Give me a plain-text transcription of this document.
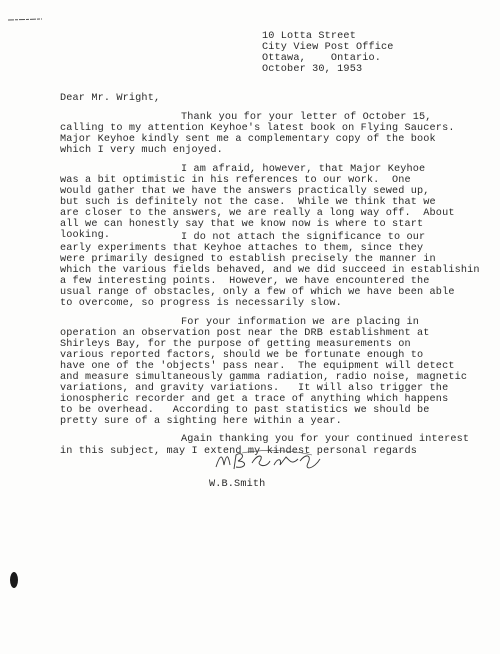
10 Lotta Street
City View Post Office
Ottawa,    Ontario.
October 30, 1953
Dear Mr. Wright,
Thank you for your letter of October 15,
calling to my attention Keyhoe's latest book on Flying Saucers.
Major Keyhoe kindly sent me a complementary copy of the book
which I very much enjoyed.
I am afraid, however, that Major Keyhoe
was a bit optimistic in his references to our work.  One
would gather that we have the answers practically sewed up,
but such is definitely not the case.  While we think that we
are closer to the answers, we are really a long way off.  About
all we can honestly say that we know now is where to start
looking.	I do not attach the significance to our
early experiments that Keyhoe attaches to them, since they
were primarily designed to establish precisely the manner in
which the various fields behaved, and we did succeed in establishin
a few interesting points.  However, we have encountered the
usual range of obstacles, only a few of which we have been able
to overcome, so progress is necessarily slow.
For your information we are placing in
operation an observation post near the DRB establishment at
Shirleys Bay, for the purpose of getting measurements on
various reported factors, should we be fortunate enough to
have one of the 'objects' pass near.  The equipment will detect
and measure simultaneously gamma radiation, radio noise, magnetic
variations, and gravity variations.   It will also trigger the
ionospheric recorder and get a trace of anything which happens
to be overhead.   According to past statistics we should be
pretty sure of a sighting here within a year.
Again thanking you for your continued interest
in this subject, may I extend my kindest personal regards
W.B.Smith
